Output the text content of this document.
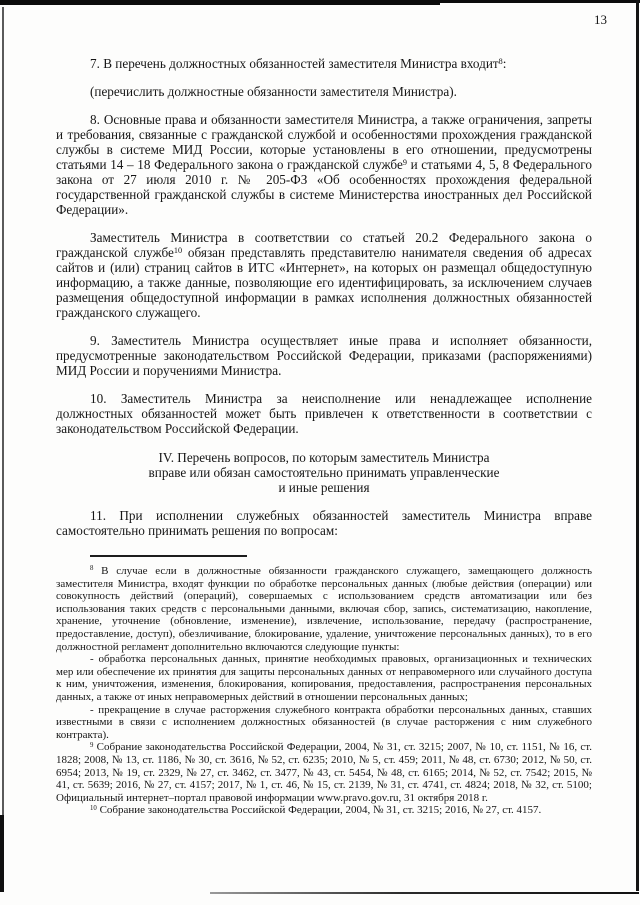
13

7. В перечень должностных обязанностей заместителя Министра входит$^8$:

(перечислить должностные обязанности заместителя Министра).

8. Основные права и обязанности заместителя Министра, а также ограничения, запреты и требования, связанные с гражданской службой и особенностями прохождения гражданской службы в системе МИД России, которые установлены в его отношении, предусмотрены статьями 14 – 18 Федерального закона о гражданской службе$^9$ и статьями 4, 5, 8 Федерального закона от 27 июля 2010 г. № 205-ФЗ «Об особенностях прохождения федеральной государственной гражданской службы в системе Министерства иностранных дел Российской Федерации».

Заместитель Министра в соответствии со статьей 20.2 Федерального закона о гражданской службе$^{10}$ обязан представлять представителю нанимателя сведения об адресах сайтов и (или) страниц сайтов в ИТС «Интернет», на которых он размещал общедоступную информацию, а также данные, позволяющие его идентифицировать, за исключением случаев размещения общедоступной информации в рамках исполнения должностных обязанностей гражданского служащего.

9. Заместитель Министра осуществляет иные права и исполняет обязанности, предусмотренные законодательством Российской Федерации, приказами (распоряжениями) МИД России и поручениями Министра.

10. Заместитель Министра за неисполнение или ненадлежащее исполнение должностных обязанностей может быть привлечен к ответственности в соответствии с законодательством Российской Федерации.

IV. Перечень вопросов, по которым заместитель Министра
вправе или обязан самостоятельно принимать управленческие
и иные решения

11. При исполнении служебных обязанностей заместитель Министра вправе самостоятельно принимать решения по вопросам:

$^8$ В случае если в должностные обязанности гражданского служащего, замещающего должность заместителя Министра, входят функции по обработке персональных данных (любые действия (операции) или совокупность действий (операций), совершаемых с использованием средств автоматизации или без использования таких средств с персональными данными, включая сбор, запись, систематизацию, накопление, хранение, уточнение (обновление, изменение), извлечение, использование, передачу (распространение, предоставление, доступ), обезличивание, блокирование, удаление, уничтожение персональных данных), то в его должностной регламент дополнительно включаются следующие пункты:

- обработка персональных данных, принятие необходимых правовых, организационных и технических мер или обеспечение их принятия для защиты персональных данных от неправомерного или случайного доступа к ним, уничтожения, изменения, блокирования, копирования, предоставления, распространения персональных данных, а также от иных неправомерных действий в отношении персональных данных;

- прекращение в случае расторжения служебного контракта обработки персональных данных, ставших известными в связи с исполнением должностных обязанностей (в случае расторжения с ним служебного контракта).

$^9$ Собрание законодательства Российской Федерации, 2004, № 31, ст. 3215; 2007, № 10, ст. 1151, № 16, ст. 1828; 2008, № 13, ст. 1186, № 30, ст. 3616, № 52, ст. 6235; 2010, № 5, ст. 459; 2011, № 48, ст. 6730; 2012, № 50, ст. 6954; 2013, № 19, ст. 2329, № 27, ст. 3462, ст. 3477, № 43, ст. 5454, № 48, ст. 6165; 2014, № 52, ст. 7542; 2015, № 41, ст. 5639; 2016, № 27, ст. 4157; 2017, № 1, ст. 46, № 15, ст. 2139, № 31, ст. 4741, ст. 4824; 2018, № 32, ст. 5100; Официальный интернет–портал правовой информации www.pravo.gov.ru, 31 октября 2018 г.

$^{10}$ Собрание законодательства Российской Федерации, 2004, № 31, ст. 3215; 2016, № 27, ст. 4157.
